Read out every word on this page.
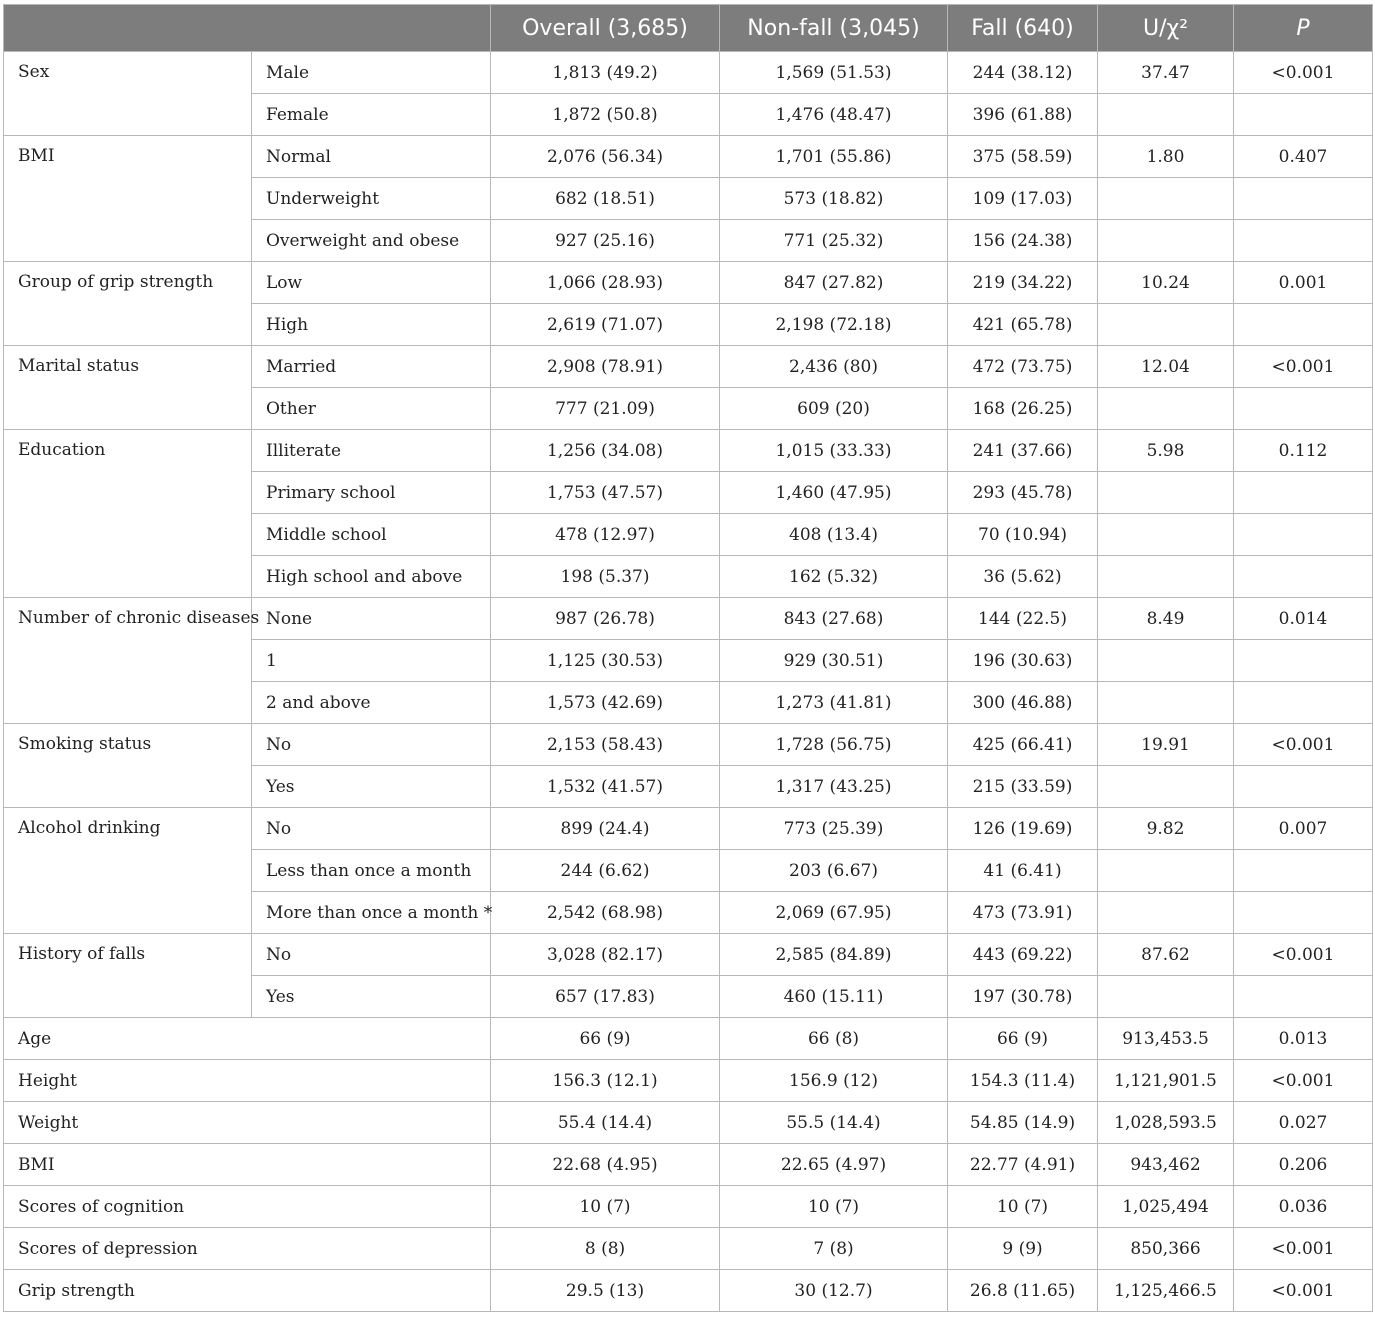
		Overall (3,685)	Non-fall (3,045)	Fall (640)	U/χ²	P
Sex	Male	1,813 (49.2)	1,569 (51.53)	244 (38.12)	37.47	<0.001
	Female	1,872 (50.8)	1,476 (48.47)	396 (61.88)		
BMI	Normal	2,076 (56.34)	1,701 (55.86)	375 (58.59)	1.80	0.407
	Underweight	682 (18.51)	573 (18.82)	109 (17.03)		
	Overweight and obese	927 (25.16)	771 (25.32)	156 (24.38)		
Group of grip strength	Low	1,066 (28.93)	847 (27.82)	219 (34.22)	10.24	0.001
	High	2,619 (71.07)	2,198 (72.18)	421 (65.78)		
Marital status	Married	2,908 (78.91)	2,436 (80)	472 (73.75)	12.04	<0.001
	Other	777 (21.09)	609 (20)	168 (26.25)		
Education	Illiterate	1,256 (34.08)	1,015 (33.33)	241 (37.66)	5.98	0.112
	Primary school	1,753 (47.57)	1,460 (47.95)	293 (45.78)		
	Middle school	478 (12.97)	408 (13.4)	70 (10.94)		
	High school and above	198 (5.37)	162 (5.32)	36 (5.62)		
Number of chronic diseases	None	987 (26.78)	843 (27.68)	144 (22.5)	8.49	0.014
	1	1,125 (30.53)	929 (30.51)	196 (30.63)		
	2 and above	1,573 (42.69)	1,273 (41.81)	300 (46.88)		
Smoking status	No	2,153 (58.43)	1,728 (56.75)	425 (66.41)	19.91	<0.001
	Yes	1,532 (41.57)	1,317 (43.25)	215 (33.59)		
Alcohol drinking	No	899 (24.4)	773 (25.39)	126 (19.69)	9.82	0.007
	Less than once a month	244 (6.62)	203 (6.67)	41 (6.41)		
	More than once a month *	2,542 (68.98)	2,069 (67.95)	473 (73.91)		
History of falls	No	3,028 (82.17)	2,585 (84.89)	443 (69.22)	87.62	<0.001
	Yes	657 (17.83)	460 (15.11)	197 (30.78)		
Age		66 (9)	66 (8)	66 (9)	913,453.5	0.013
Height		156.3 (12.1)	156.9 (12)	154.3 (11.4)	1,121,901.5	<0.001
Weight		55.4 (14.4)	55.5 (14.4)	54.85 (14.9)	1,028,593.5	0.027
BMI		22.68 (4.95)	22.65 (4.97)	22.77 (4.91)	943,462	0.206
Scores of cognition		10 (7)	10 (7)	10 (7)	1,025,494	0.036
Scores of depression		8 (8)	7 (8)	9 (9)	850,366	<0.001
Grip strength		29.5 (13)	30 (12.7)	26.8 (11.65)	1,125,466.5	<0.001
